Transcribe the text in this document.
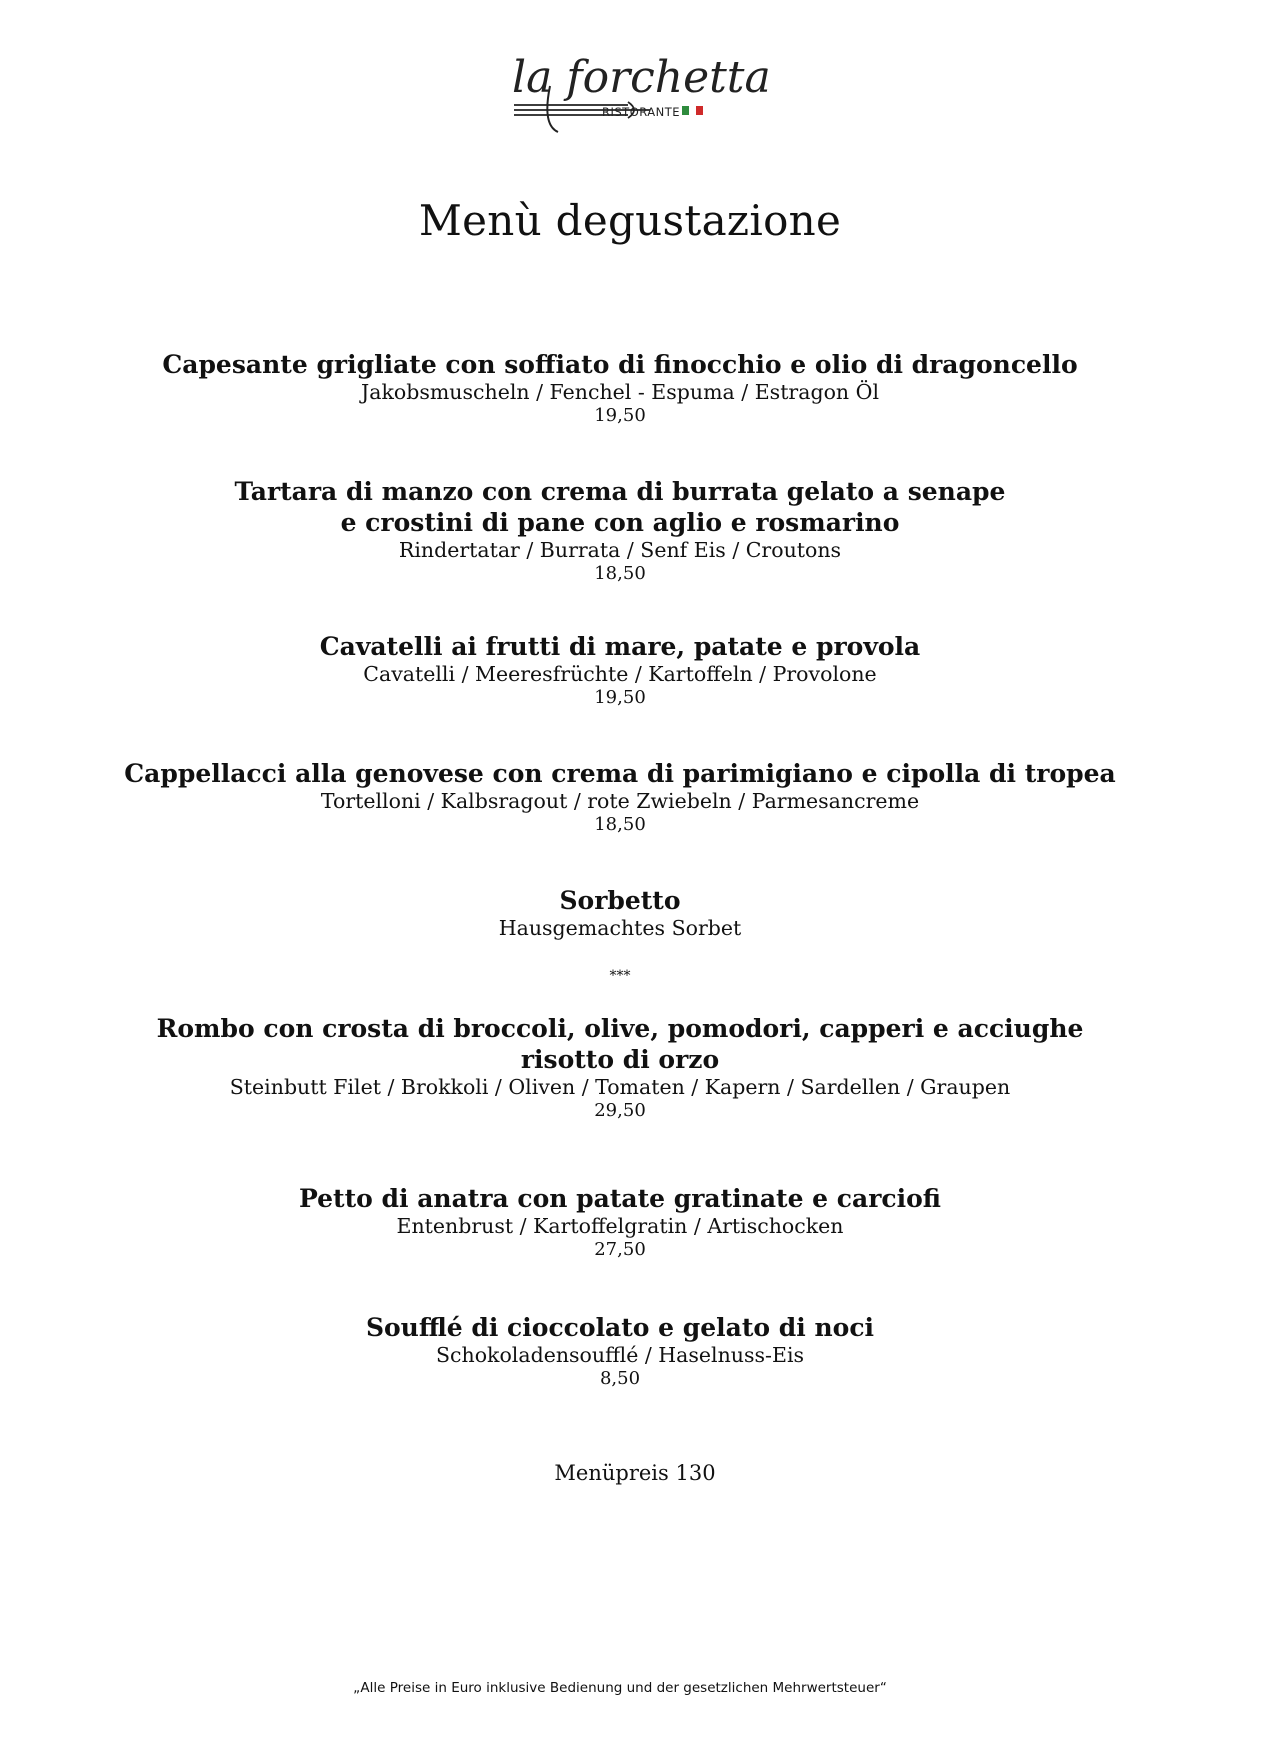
la forchetta
RISTORANTE
Menù degustazione
Capesante grigliate con soffiato di finocchio e olio di dragoncello
Jakobsmuscheln / Fenchel - Espuma / Estragon Öl
19,50
Tartara di manzo con crema di burrata gelato a senape
e crostini di pane con aglio e rosmarino
Rindertatar / Burrata / Senf Eis / Croutons
18,50
Cavatelli ai frutti di mare, patate e provola
Cavatelli / Meeresfrüchte / Kartoffeln / Provolone
19,50
Cappellacci alla genovese con crema di parimigiano e cipolla di tropea
Tortelloni / Kalbsragout / rote Zwiebeln / Parmesancreme
18,50
Sorbetto
Hausgemachtes Sorbet
***
Rombo con crosta di broccoli, olive, pomodori, capperi e acciughe
risotto di orzo
Steinbutt Filet / Brokkoli / Oliven / Tomaten / Kapern / Sardellen / Graupen
29,50
Petto di anatra con patate gratinate e carciofi
Entenbrust / Kartoffelgratin / Artischocken
27,50
Soufflé di cioccolato e gelato di noci
Schokoladensoufflé / Haselnuss-Eis
8,50
Menüpreis 130
„Alle Preise in Euro inklusive Bedienung und der gesetzlichen Mehrwertsteuer“
